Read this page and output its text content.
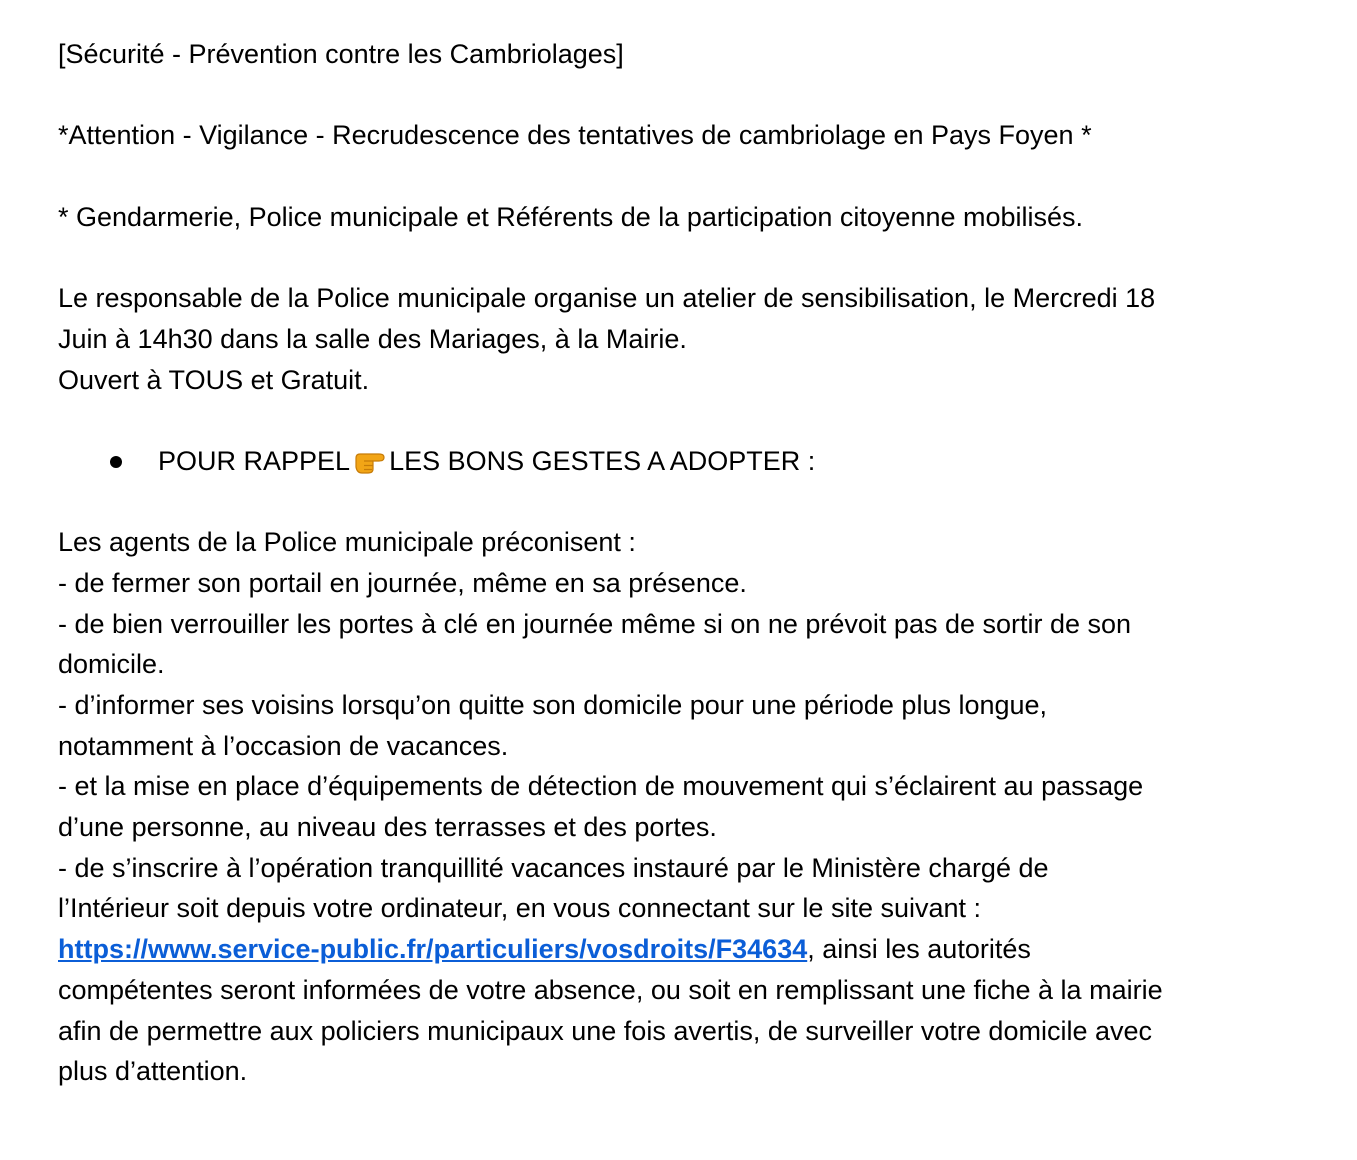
[Sécurité - Prévention contre les Cambriolages]
*Attention - Vigilance - Recrudescence des tentatives de cambriolage en Pays Foyen *
* Gendarmerie, Police municipale et Référents de la participation citoyenne mobilisés.
Le responsable de la Police municipale organise un atelier de sensibilisation, le Mercredi 18
Juin à 14h30 dans la salle des Mariages, à la Mairie.
Ouvert à TOUS et Gratuit.
POUR RAPPEL LES BONS GESTES A ADOPTER :
Les agents de la Police municipale préconisent :
- de fermer son portail en journée, même en sa présence.
- de bien verrouiller les portes à clé en journée même si on ne prévoit pas de sortir de son
domicile.
- d’informer ses voisins lorsqu’on quitte son domicile pour une période plus longue,
notamment à l’occasion de vacances.
- et la mise en place d’équipements de détection de mouvement qui s’éclairent au passage
d’une personne, au niveau des terrasses et des portes.
- de s’inscrire à l’opération tranquillité vacances instauré par le Ministère chargé de
l’Intérieur soit depuis votre ordinateur, en vous connectant sur le site suivant :
https://www.service-public.fr/particuliers/vosdroits/F34634, ainsi les autorités
compétentes seront informées de votre absence, ou soit en remplissant une fiche à la mairie
afin de permettre aux policiers municipaux une fois avertis, de surveiller votre domicile avec
plus d’attention.
